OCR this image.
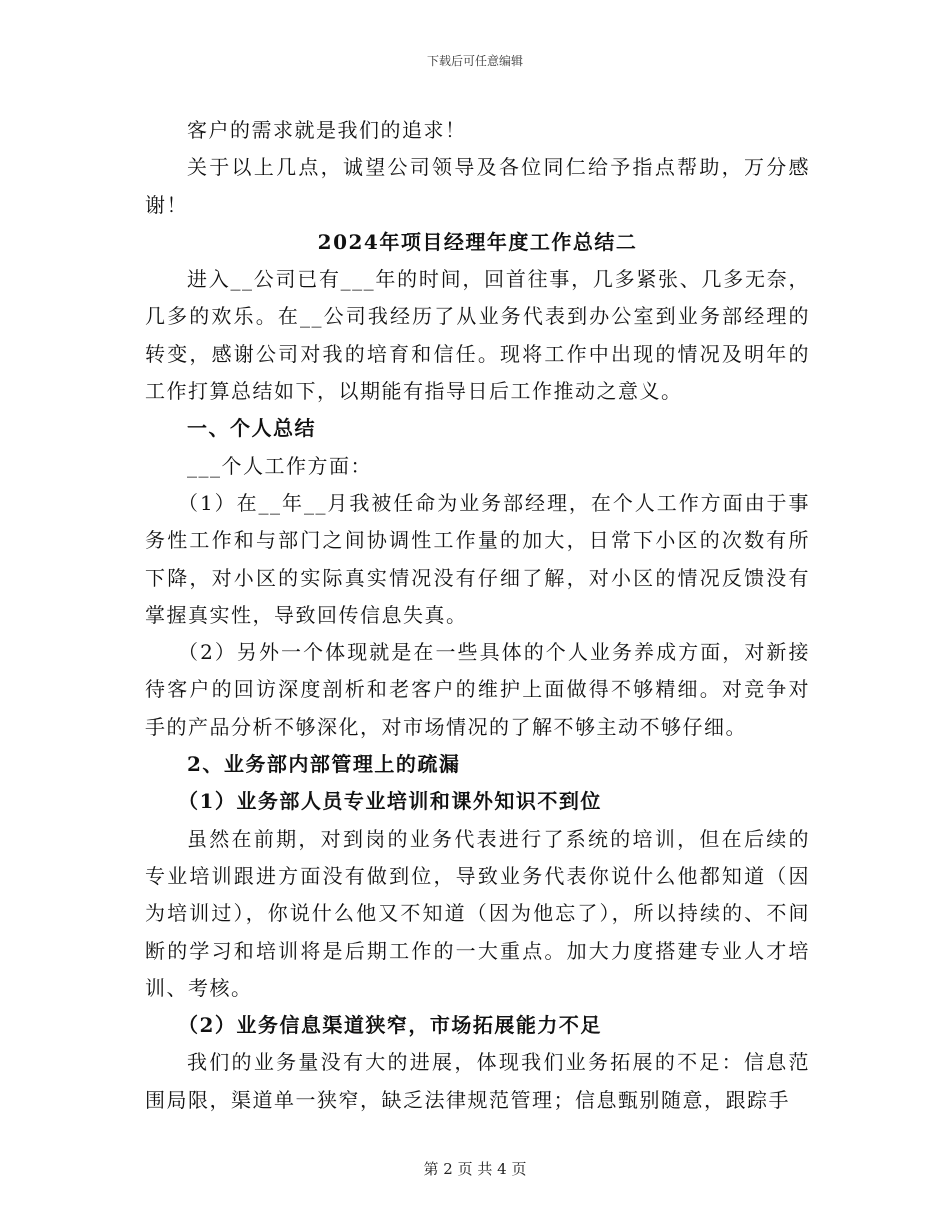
下载后可任意编辑

客户的需求就是我们的追求！

关于以上几点，诚望公司领导及各位同仁给予指点帮助，万分感谢！

2024年项目经理年度工作总结二

进入__公司已有___年的时间，回首往事，几多紧张、几多无奈，几多的欢乐。在__公司我经历了从业务代表到办公室到业务部经理的转变，感谢公司对我的培育和信任。现将工作中出现的情况及明年的工作打算总结如下，以期能有指导日后工作推动之意义。

一、个人总结

___个人工作方面：

（1）在__年__月我被任命为业务部经理，在个人工作方面由于事务性工作和与部门之间协调性工作量的加大，日常下小区的次数有所下降，对小区的实际真实情况没有仔细了解，对小区的情况反馈没有掌握真实性，导致回传信息失真。

（2）另外一个体现就是在一些具体的个人业务养成方面，对新接待客户的回访深度剖析和老客户的维护上面做得不够精细。对竞争对手的产品分析不够深化，对市场情况的了解不够主动不够仔细。

2、业务部内部管理上的疏漏

（1）业务部人员专业培训和课外知识不到位

虽然在前期，对到岗的业务代表进行了系统的培训，但在后续的专业培训跟进方面没有做到位，导致业务代表你说什么他都知道（因为培训过），你说什么他又不知道（因为他忘了），所以持续的、不间断的学习和培训将是后期工作的一大重点。加大力度搭建专业人才培训、考核。

（2）业务信息渠道狭窄，市场拓展能力不足

我们的业务量没有大的进展，体现我们业务拓展的不足：信息范围局限，渠道单一狭窄，缺乏法律规范管理；信息甄别随意，跟踪手

第 2 页 共 4 页
